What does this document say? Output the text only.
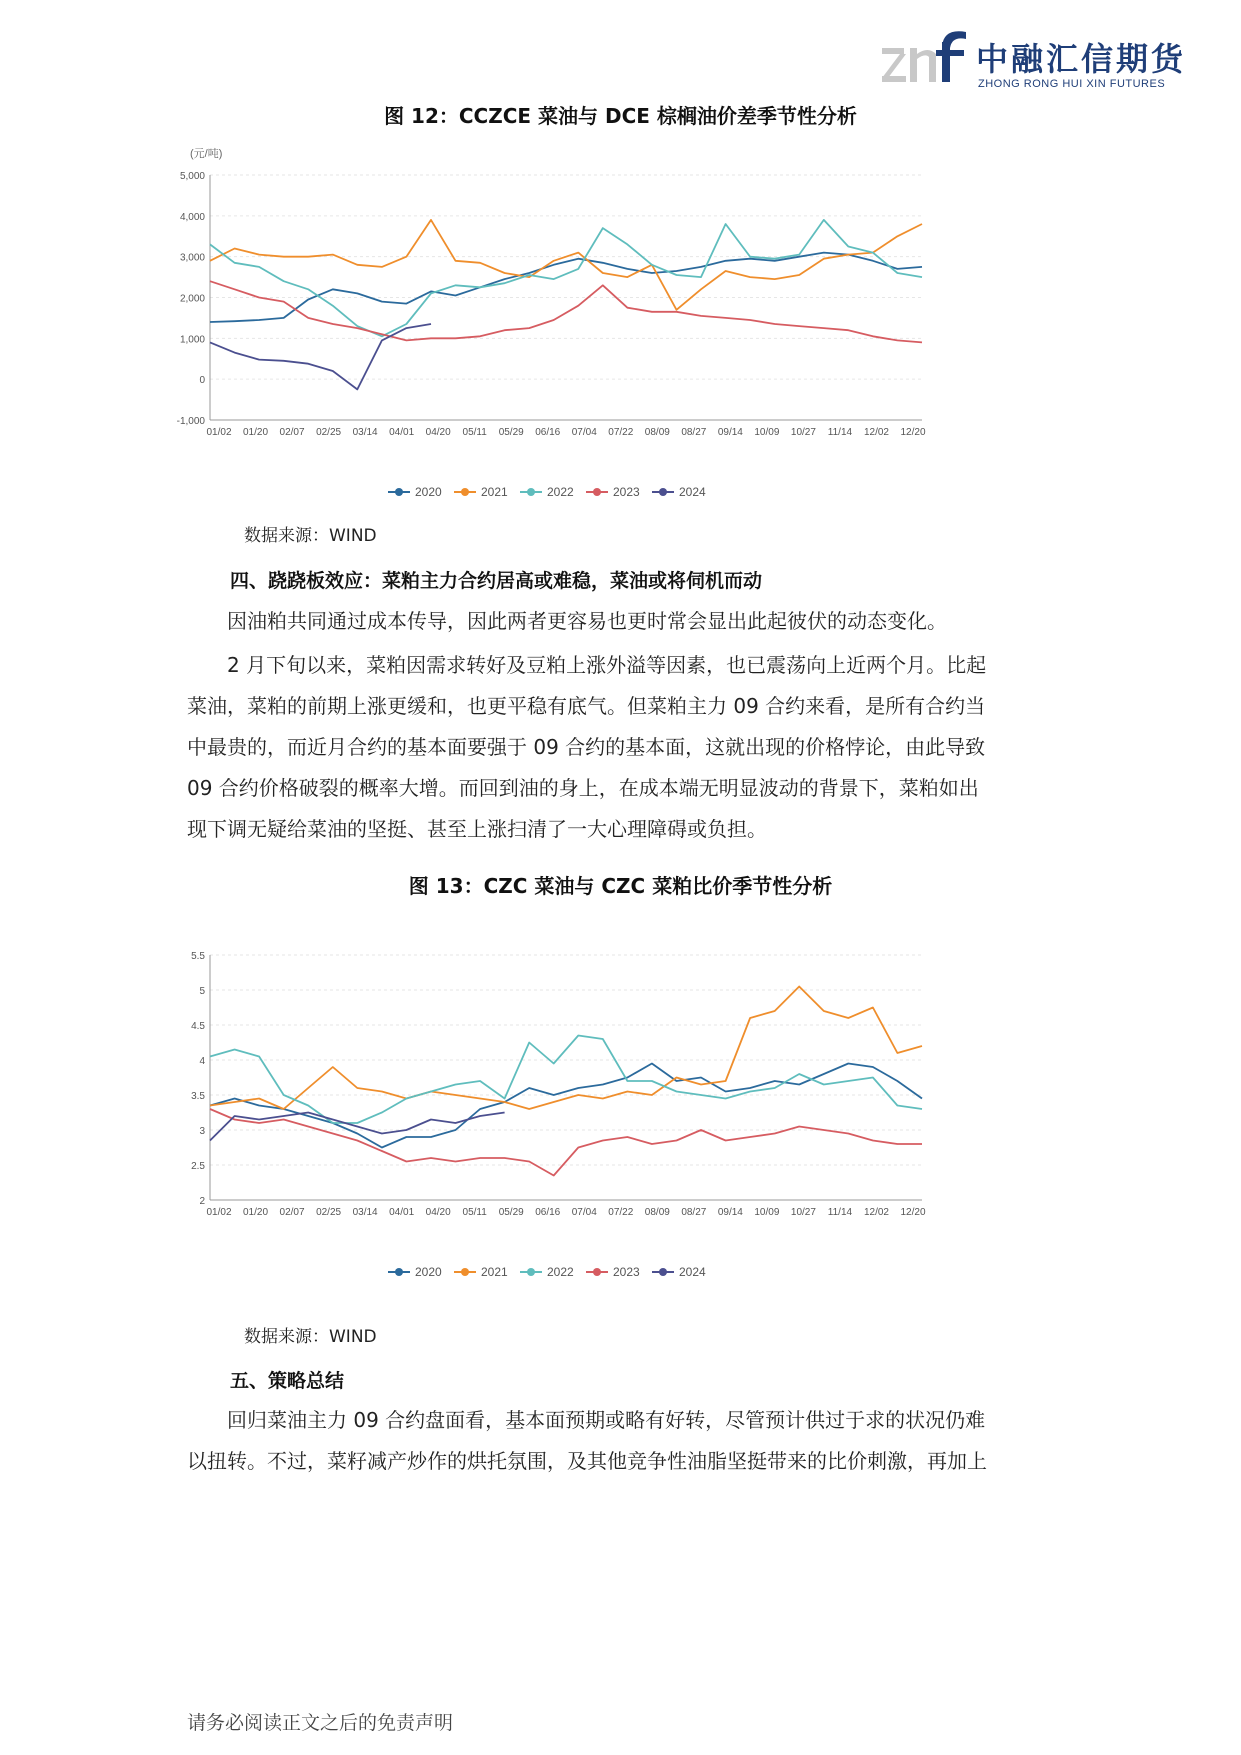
中融汇信期货
ZHONG RONG HUI XIN FUTURES
图 12：CCZCE 菜油与 DCE 棕榈油价差季节性分析
(元/吨)
5,000
4,000
3,000
2,000
1,000
0
-1,000
01/02 01/20 02/07 02/25 03/14 04/01 04/20 05/11 05/29 06/16 07/04 07/22 08/09 08/27 09/14 10/09 10/27 11/14 12/02 12/20
2020	2021	2022	2023	2024
数据来源：WIND
四、跷跷板效应：菜粕主力合约居高或难稳，菜油或将伺机而动
因油粕共同通过成本传导，因此两者更容易也更时常会显出此起彼伏的动态变化。
2 月下旬以来，菜粕因需求转好及豆粕上涨外溢等因素，也已震荡向上近两个月。比起
菜油，菜粕的前期上涨更缓和，也更平稳有底气。但菜粕主力 09 合约来看，是所有合约当
中最贵的，而近月合约的基本面要强于 09 合约的基本面，这就出现的价格悖论，由此导致
09 合约价格破裂的概率大增。而回到油的身上，在成本端无明显波动的背景下，菜粕如出
现下调无疑给菜油的坚挺、甚至上涨扫清了一大心理障碍或负担。
图 13：CZC 菜油与 CZC 菜粕比价季节性分析
5.5
5
4.5
4
3.5
3
2.5
2
01/02 01/20 02/07 02/25 03/14 04/01 04/20 05/11 05/29 06/16 07/04 07/22 08/09 08/27 09/14 10/09 10/27 11/14 12/02 12/20
2020	2021	2022	2023	2024
数据来源：WIND
五、策略总结
回归菜油主力 09 合约盘面看，基本面预期或略有好转，尽管预计供过于求的状况仍难
以扭转。不过，菜籽减产炒作的烘托氛围，及其他竞争性油脂坚挺带来的比价刺激，再加上
请务必阅读正文之后的免责声明
